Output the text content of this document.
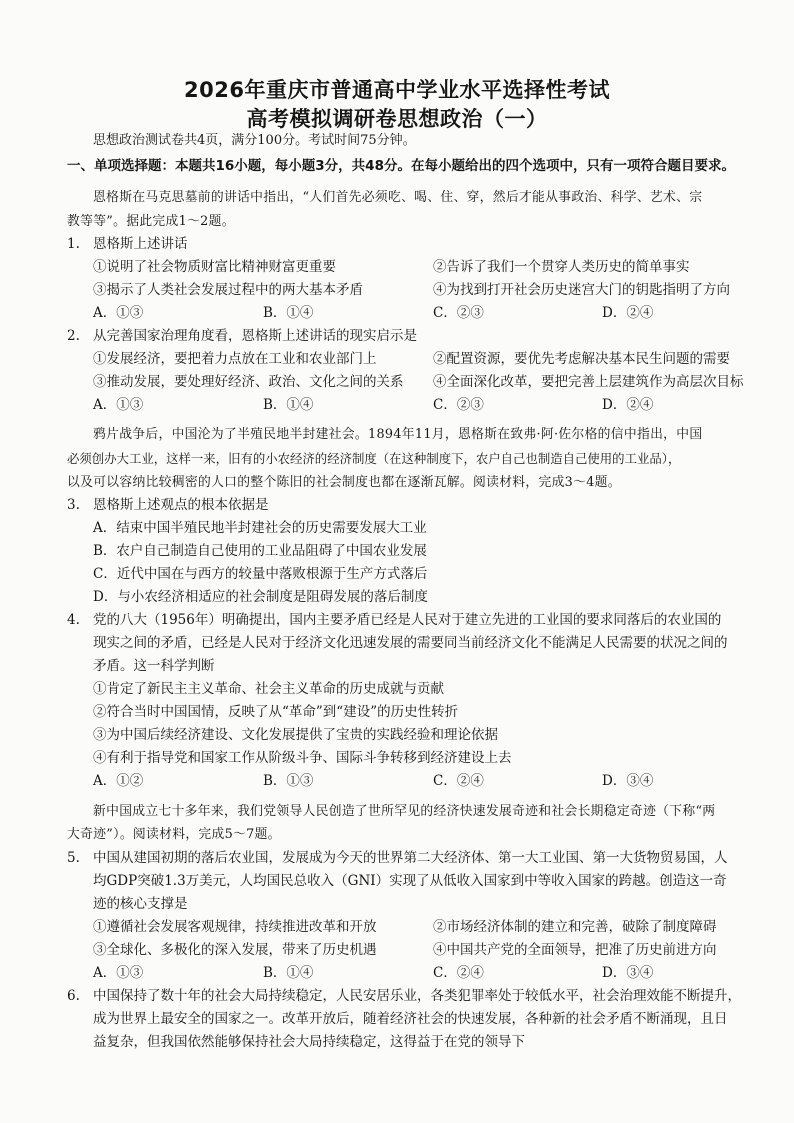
2026年重庆市普通高中学业水平选择性考试
高考模拟调研卷思想政治（一）
思想政治测试卷共4页，满分100分。考试时间75分钟。
一、单项选择题：本题共16小题，每小题3分，共48分。在每小题给出的四个选项中，只有一项符合题目要求。
恩格斯在马克思墓前的讲话中指出，“人们首先必须吃、喝、住、穿，然后才能从事政治、科学、艺术、宗
教等等”。据此完成1～2题。
1. 恩格斯上述讲话
①说明了社会物质财富比精神财富更重要	②告诉了我们一个贯穿人类历史的简单事实
③揭示了人类社会发展过程中的两大基本矛盾	④为找到打开社会历史迷宫大门的钥匙指明了方向
A．①③	B．①④	C．②③	D．②④
2. 从完善国家治理角度看，恩格斯上述讲话的现实启示是
①发展经济，要把着力点放在工业和农业部门上	②配置资源，要优先考虑解决基本民生问题的需要
③推动发展，要处理好经济、政治、文化之间的关系 ④全面深化改革，要把完善上层建筑作为高层次目标
A．①③	B．①④	C．②③	D．②④
鸦片战争后，中国沦为了半殖民地半封建社会。1894年11月，恩格斯在致弗·阿·佐尔格的信中指出，中国
必须创办大工业，这样一来，旧有的小农经济的经济制度（在这种制度下，农户自己也制造自己使用的工业品），
以及可以容纳比较稠密的人口的整个陈旧的社会制度也都在逐渐瓦解。阅读材料，完成3～4题。
3. 恩格斯上述观点的根本依据是
A．结束中国半殖民地半封建社会的历史需要发展大工业
B．农户自己制造自己使用的工业品阻碍了中国农业发展
C．近代中国在与西方的较量中落败根源于生产方式落后
D．与小农经济相适应的社会制度是阻碍发展的落后制度
4. 党的八大（1956年）明确提出，国内主要矛盾已经是人民对于建立先进的工业国的要求同落后的农业国的
现实之间的矛盾，已经是人民对于经济文化迅速发展的需要同当前经济文化不能满足人民需要的状况之间的
矛盾。这一科学判断
①肯定了新民主主义革命、社会主义革命的历史成就与贡献
②符合当时中国国情，反映了从“革命”到“建设”的历史性转折
③为中国后续经济建设、文化发展提供了宝贵的实践经验和理论依据
④有利于指导党和国家工作从阶级斗争、国际斗争转移到经济建设上去
A．①②	B．①③	C．②④	D．③④
新中国成立七十多年来，我们党领导人民创造了世所罕见的经济快速发展奇迹和社会长期稳定奇迹（下称“两
大奇迹”）。阅读材料，完成5～7题。
5. 中国从建国初期的落后农业国，发展成为今天的世界第二大经济体、第一大工业国、第一大货物贸易国，人
均GDP突破1.3万美元，人均国民总收入（GNI）实现了从低收入国家到中等收入国家的跨越。创造这一奇
迹的核心支撑是
①遵循社会发展客观规律，持续推进改革和开放	②市场经济体制的建立和完善，破除了制度障碍
③全球化、多极化的深入发展，带来了历史机遇	④中国共产党的全面领导，把准了历史前进方向
A．①③	B．①④	C．②④	D．③④
6. 中国保持了数十年的社会大局持续稳定，人民安居乐业，各类犯罪率处于较低水平，社会治理效能不断提升，
成为世界上最安全的国家之一。改革开放后，随着经济社会的快速发展，各种新的社会矛盾不断涌现，且日
益复杂，但我国依然能够保持社会大局持续稳定，这得益于在党的领导下
